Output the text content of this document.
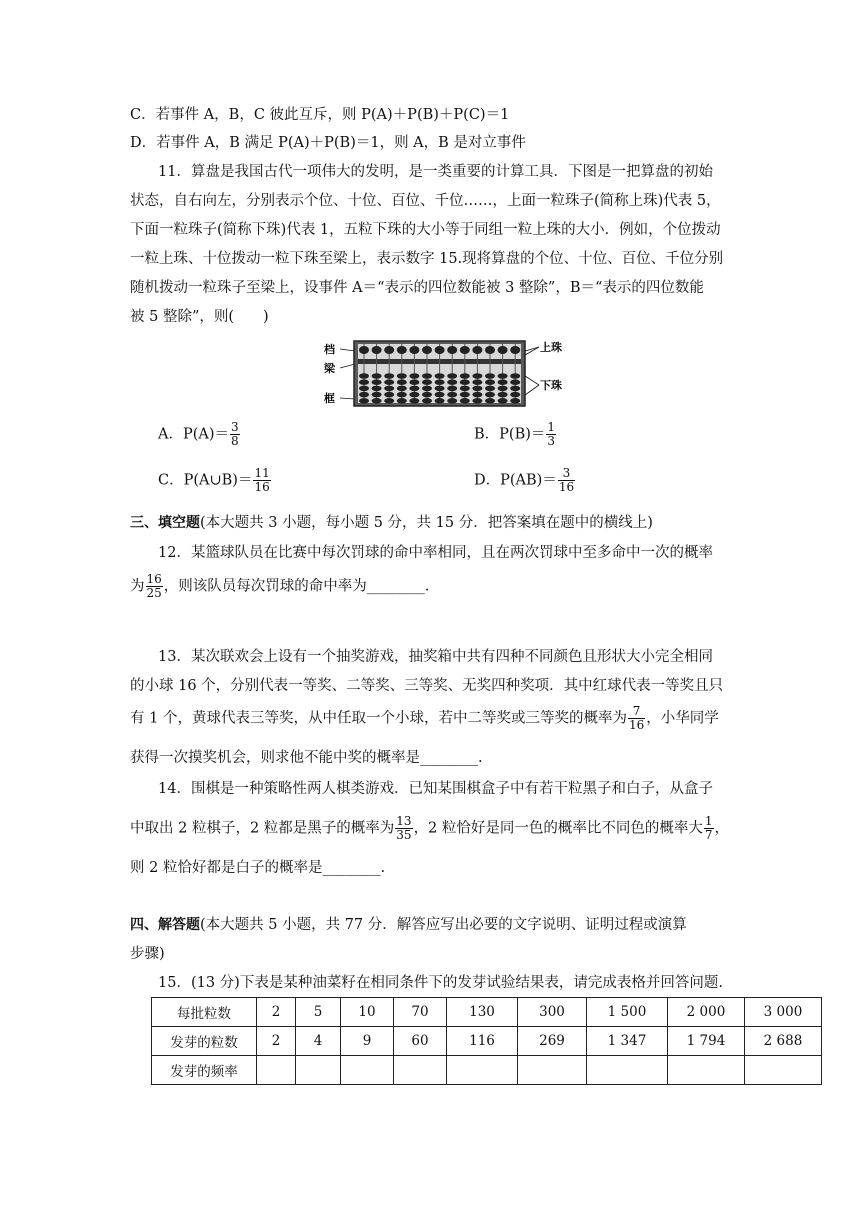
C．若事件 A，B，C 彼此互斥，则 P(A)＋P(B)＋P(C)＝1
D．若事件 A，B 满足 P(A)＋P(B)＝1，则 A，B 是对立事件
11．算盘是我国古代一项伟大的发明，是一类重要的计算工具．下图是一把算盘的初始
状态，自右向左，分别表示个位、十位、百位、千位……，上面一粒珠子(简称上珠)代表 5，
下面一粒珠子(简称下珠)代表 1，五粒下珠的大小等于同组一粒上珠的大小．例如，个位拨动
一粒上珠、十位拨动一粒下珠至梁上，表示数字 15.现将算盘的个位、十位、百位、千位分别
随机拨动一粒珠子至梁上，设事件 A＝“表示的四位数能被 3 整除”，B＝“表示的四位数能
被 5 整除”，则(　　)
档
梁
框
上珠
下珠
A．$P(A)= \frac{3}{8}$	B．$P(B)= \frac{1}{3}$
C．P(A∪B)＝ $\frac{11}{16}$	D．$P(AB)= \frac{3}{16}$
三、填空题(本大题共 3 小题，每小题 5 分，共 15 分．把答案填在题中的横线上)
12．某篮球队员在比赛中每次罚球的命中率相同，且在两次罚球中至多命中一次的概率
为 $\frac{16}{25}$ ，则该队员每次罚球的命中率为________.
13．某次联欢会上设有一个抽奖游戏，抽奖箱中共有四种不同颜色且形状大小完全相同
的小球 16 个，分别代表一等奖、二等奖、三等奖、无奖四种奖项．其中红球代表一等奖且只
有 1 个，黄球代表三等奖，从中任取一个小球，若中二等奖或三等奖的概率为 $\frac{7}{16}$ ，小华同学
获得一次摸奖机会，则求他不能中奖的概率是________.
14．围棋是一种策略性两人棋类游戏．已知某围棋盒子中有若干粒黑子和白子，从盒子
中取出 2 粒棋子，2 粒都是黑子的概率为 $\frac{13}{35}$ ，2 粒恰好是同一色的概率比不同色的概率大 $\frac{1}{7}$ ，
则 2 粒恰好都是白子的概率是________.
四、解答题(本大题共 5 小题，共 77 分．解答应写出必要的文字说明、证明过程或演算
步骤)
15．(13 分)下表是某种油菜籽在相同条件下的发芽试验结果表，请完成表格并回答问题.
每批粒数	2	5	10	70	130	300	1 500	2 000	3 000
发芽的粒数	2	4	9	60	116	269	1 347	1 794	2 688
发芽的频率									
